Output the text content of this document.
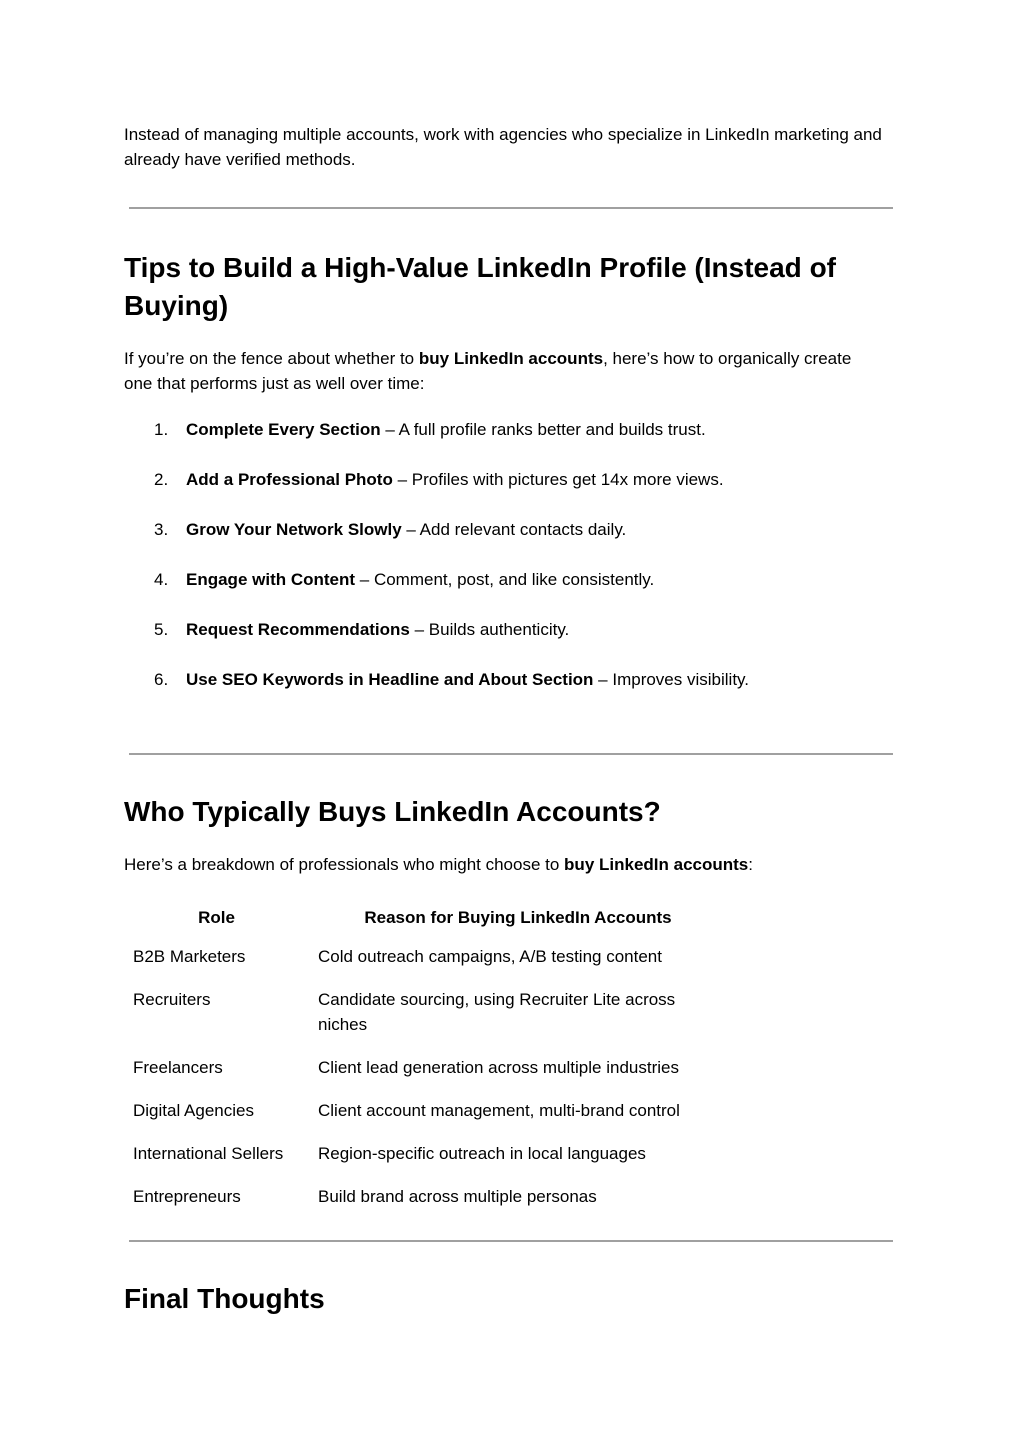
Instead of managing multiple accounts, work with agencies who specialize in LinkedIn marketing and already have verified methods.
Tips to Build a High-Value LinkedIn Profile (Instead of Buying)
If you’re on the fence about whether to buy LinkedIn accounts, here’s how to organically create one that performs just as well over time:
1. Complete Every Section – A full profile ranks better and builds trust.
2. Add a Professional Photo – Profiles with pictures get 14x more views.
3. Grow Your Network Slowly – Add relevant contacts daily.
4. Engage with Content – Comment, post, and like consistently.
5. Request Recommendations – Builds authenticity.
6. Use SEO Keywords in Headline and About Section – Improves visibility.
Who Typically Buys LinkedIn Accounts?
Here’s a breakdown of professionals who might choose to buy LinkedIn accounts:
Role	Reason for Buying LinkedIn Accounts
B2B Marketers	Cold outreach campaigns, A/B testing content
Recruiters	Candidate sourcing, using Recruiter Lite across niches
Freelancers	Client lead generation across multiple industries
Digital Agencies	Client account management, multi-brand control
International Sellers	Region-specific outreach in local languages
Entrepreneurs	Build brand across multiple personas
Final Thoughts
